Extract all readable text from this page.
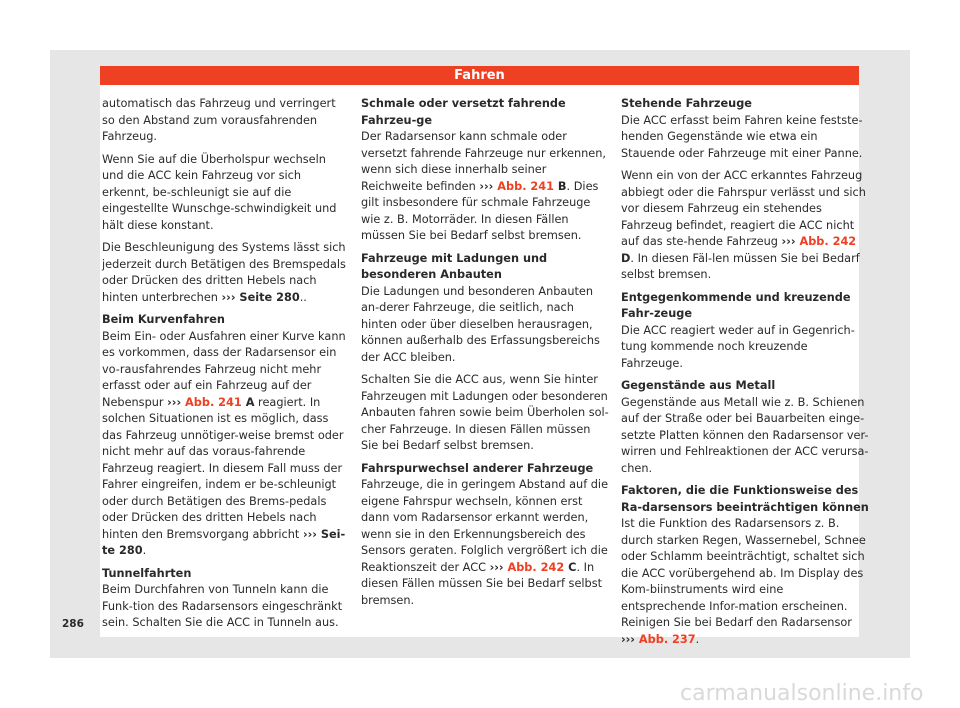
Fahren

automatisch das Fahrzeug und verringert so den Abstand zum vorausfahrenden Fahrzeug.

Wenn Sie auf die Überholspur wechseln und die ACC kein Fahrzeug vor sich erkennt, be-schleunigt sie auf die eingestellte Wunschge-schwindigkeit und hält diese konstant.

Die Beschleunigung des Systems lässt sich jederzeit durch Betätigen des Bremspedals oder Drücken des dritten Hebels nach hinten unterbrechen ››› Seite 280..

Beim Kurvenfahren

Beim Ein- oder Ausfahren einer Kurve kann es vorkommen, dass der Radarsensor ein vo-rausfahrendes Fahrzeug nicht mehr erfasst oder auf ein Fahrzeug auf der Nebenspur ››› Abb. 241 A reagiert. In solchen Situationen ist es möglich, dass das Fahrzeug unnötiger-weise bremst oder nicht mehr auf das voraus-fahrende Fahrzeug reagiert. In diesem Fall muss der Fahrer eingreifen, indem er be-schleunigt oder durch Betätigen des Brems-pedals oder Drücken des dritten Hebels nach hinten den Bremsvorgang abbricht ››› Sei-te 280.

Tunnelfahrten

Beim Durchfahren von Tunneln kann die Funk-tion des Radarsensors eingeschränkt sein. Schalten Sie die ACC in Tunneln aus.

Schmale oder versetzt fahrende Fahrzeu-ge

Der Radarsensor kann schmale oder versetzt fahrende Fahrzeuge nur erkennen, wenn sich diese innerhalb seiner Reichweite befinden ››› Abb. 241 B. Dies gilt insbesondere für schmale Fahrzeuge wie z. B. Motorräder. In diesen Fällen müssen Sie bei Bedarf selbst bremsen.

Fahrzeuge mit Ladungen und besonderen Anbauten

Die Ladungen und besonderen Anbauten an-derer Fahrzeuge, die seitlich, nach hinten oder über dieselben herausragen, können außerhalb des Erfassungsbereichs der ACC bleiben.

Schalten Sie die ACC aus, wenn Sie hinter Fahrzeugen mit Ladungen oder besonderen Anbauten fahren sowie beim Überholen sol-cher Fahrzeuge. In diesen Fällen müssen Sie bei Bedarf selbst bremsen.

Fahrspurwechsel anderer Fahrzeuge

Fahrzeuge, die in geringem Abstand auf die eigene Fahrspur wechseln, können erst dann vom Radarsensor erkannt werden, wenn sie in den Erkennungsbereich des Sensors geraten. Folglich vergrößert ich die Reaktionszeit der ACC ››› Abb. 242 C. In diesen Fällen müssen Sie bei Bedarf selbst bremsen.

Stehende Fahrzeuge

Die ACC erfasst beim Fahren keine festste-henden Gegenstände wie etwa ein Stauende oder Fahrzeuge mit einer Panne.

Wenn ein von der ACC erkanntes Fahrzeug abbiegt oder die Fahrspur verlässt und sich vor diesem Fahrzeug ein stehendes Fahrzeug befindet, reagiert die ACC nicht auf das ste-hende Fahrzeug ››› Abb. 242 D. In diesen Fäl-len müssen Sie bei Bedarf selbst bremsen.

Entgegenkommende und kreuzende Fahr-zeuge

Die ACC reagiert weder auf in Gegenrich-tung kommende noch kreuzende Fahrzeuge.

Gegenstände aus Metall

Gegenstände aus Metall wie z. B. Schienen auf der Straße oder bei Bauarbeiten einge-setzte Platten können den Radarsensor ver-wirren und Fehlreaktionen der ACC verursa-chen.

Faktoren, die die Funktionsweise des Ra-darsensors beeinträchtigen können

Ist die Funktion des Radarsensors z. B. durch starken Regen, Wassernebel, Schnee oder Schlamm beeinträchtigt, schaltet sich die ACC vorübergehend ab. Im Display des Kom-biinstruments wird eine entsprechende Infor-mation erscheinen. Reinigen Sie bei Bedarf den Radarsensor ››› Abb. 237.

286
carmanualsonline.info
